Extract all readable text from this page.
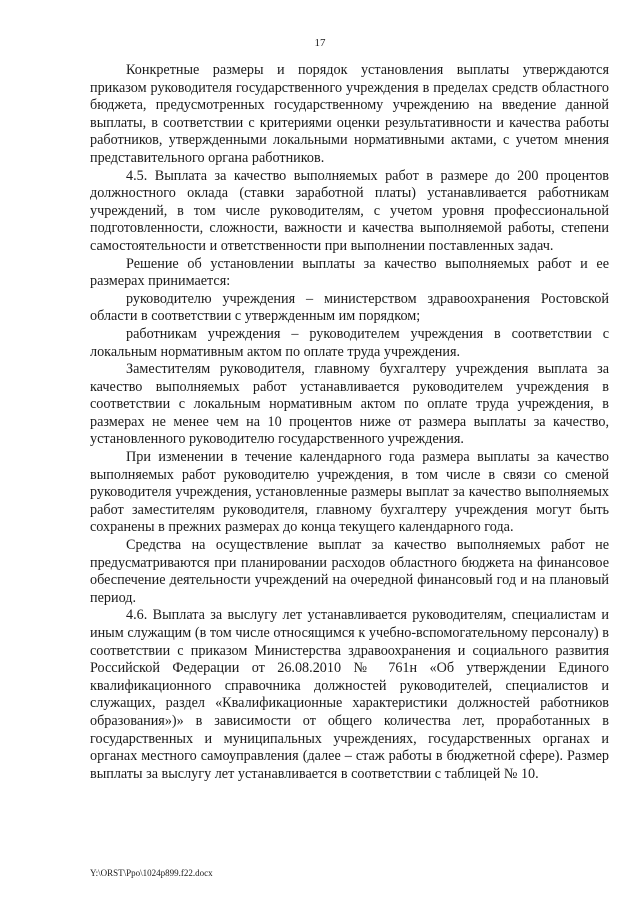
17

Конкретные размеры и порядок установления выплаты утверждаются приказом руководителя государственного учреждения в пределах средств областного бюджета, предусмотренных государственному учреждению на введение данной выплаты, в соответствии с критериями оценки результативности и качества работы работников, утвержденными локальными нормативными актами, с учетом мнения представительного органа работников.

4.5. Выплата за качество выполняемых работ в размере до 200 процентов должностного оклада (ставки заработной платы) устанавливается работникам учреждений, в том числе руководителям, с учетом уровня профессиональной подготовленности, сложности, важности и качества выполняемой работы, степени самостоятельности и ответственности при выполнении поставленных задач.

Решение об установлении выплаты за качество выполняемых работ и ее размерах принимается:

руководителю учреждения – министерством здравоохранения Ростовской области в соответствии с утвержденным им порядком;

работникам учреждения – руководителем учреждения в соответствии с локальным нормативным актом по оплате труда учреждения.

Заместителям руководителя, главному бухгалтеру учреждения выплата за качество выполняемых работ устанавливается руководителем учреждения в соответствии с локальным нормативным актом по оплате труда учреждения, в размерах не менее чем на 10 процентов ниже от размера выплаты за качество, установленного руководителю государственного учреждения.

При изменении в течение календарного года размера выплаты за качество выполняемых работ руководителю учреждения, в том числе в связи со сменой руководителя учреждения, установленные размеры выплат за качество выполняемых работ заместителям руководителя, главному бухгалтеру учреждения могут быть сохранены в прежних размерах до конца текущего календарного года.

Средства на осуществление выплат за качество выполняемых работ не предусматриваются при планировании расходов областного бюджета на финансовое обеспечение деятельности учреждений на очередной финансовый год и на плановый период.

4.6. Выплата за выслугу лет устанавливается руководителям, специалистам и иным служащим (в том числе относящимся к учебно-вспомогательному персоналу) в соответствии с приказом Министерства здравоохранения и социального развития Российской Федерации от 26.08.2010 № 761н «Об утверждении Единого квалификационного справочника должностей руководителей, специалистов и служащих, раздел «Квалификационные характеристики должностей работников образования»)» в зависимости от общего количества лет, проработанных в государственных и муниципальных учреждениях, государственных органах и органах местного самоуправления (далее – стаж работы в бюджетной сфере). Размер выплаты за выслугу лет устанавливается в соответствии с таблицей № 10.

Y:\ORST\Ppo\1024p899.f22.docx
